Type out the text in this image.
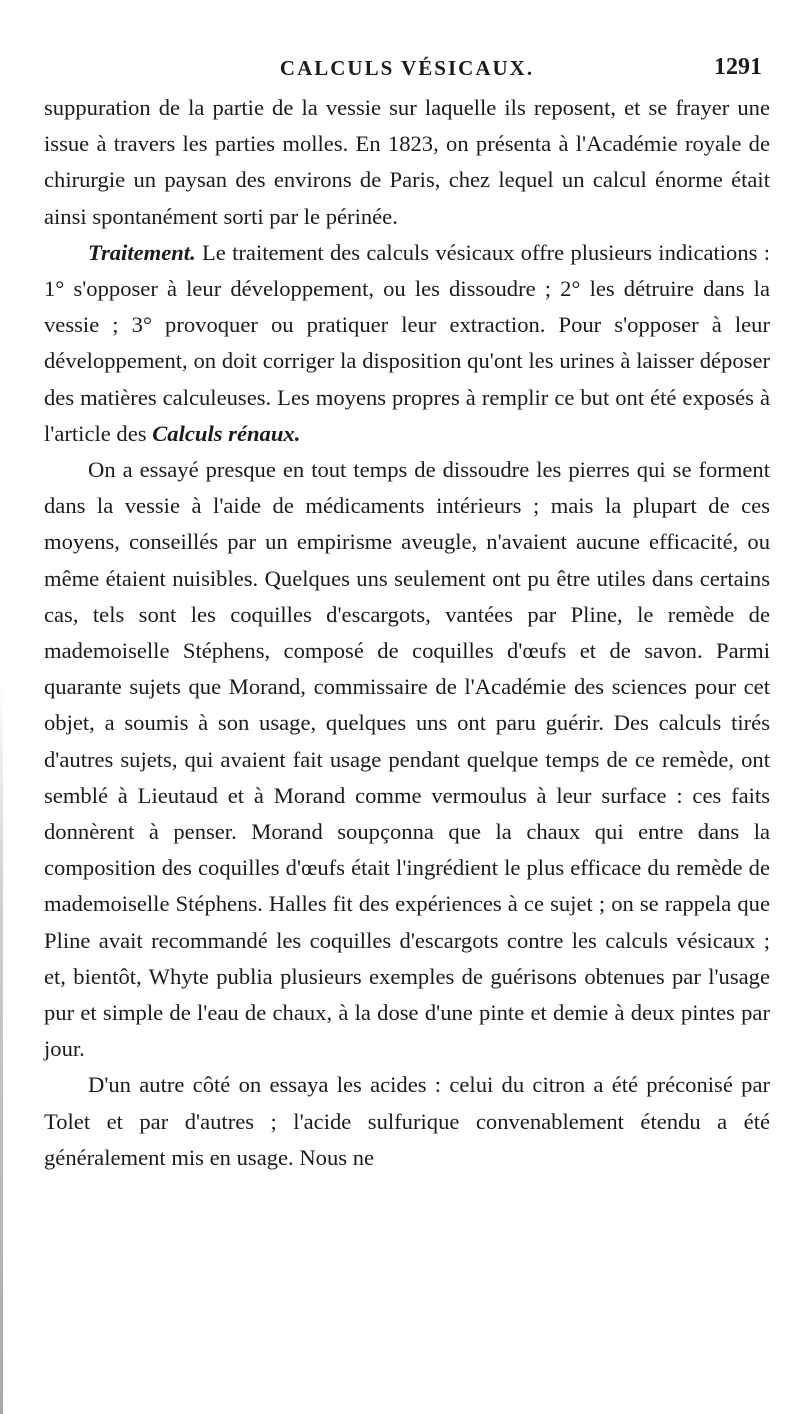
CALCULS VÉSICAUX.	1291

suppuration de la partie de la vessie sur laquelle ils reposent, et se frayer une issue à travers les parties molles. En 1823, on présenta à l'Académie royale de chirurgie un paysan des environs de Paris, chez lequel un calcul énorme était ainsi spontanément sorti par le périnée.

Traitement. Le traitement des calculs vésicaux offre plusieurs indications : 1° s'opposer à leur développement, ou les dissoudre ; 2° les détruire dans la vessie ; 3° provoquer ou pratiquer leur extraction. Pour s'opposer à leur développement, on doit corriger la disposition qu'ont les urines à laisser déposer des matières calculeuses. Les moyens propres à remplir ce but ont été exposés à l'article des Calculs rénaux.

On a essayé presque en tout temps de dissoudre les pierres qui se forment dans la vessie à l'aide de médicaments intérieurs ; mais la plupart de ces moyens, conseillés par un empirisme aveugle, n'avaient aucune efficacité, ou même étaient nuisibles. Quelques uns seulement ont pu être utiles dans certains cas, tels sont les coquilles d'escargots, vantées par Pline, le remède de mademoiselle Stéphens, composé de coquilles d'œufs et de savon. Parmi quarante sujets que Morand, commissaire de l'Académie des sciences pour cet objet, a soumis à son usage, quelques uns ont paru guérir. Des calculs tirés d'autres sujets, qui avaient fait usage pendant quelque temps de ce remède, ont semblé à Lieutaud et à Morand comme vermoulus à leur surface : ces faits donnèrent à penser. Morand soupçonna que la chaux qui entre dans la composition des coquilles d'œufs était l'ingrédient le plus efficace du remède de mademoiselle Stéphens. Halles fit des expériences à ce sujet ; on se rappela que Pline avait recommandé les coquilles d'escargots contre les calculs vésicaux ; et, bientôt, Whyte publia plusieurs exemples de guérisons obtenues par l'usage pur et simple de l'eau de chaux, à la dose d'une pinte et demie à deux pintes par jour.

D'un autre côté on essaya les acides : celui du citron a été préconisé par Tolet et par d'autres ; l'acide sulfurique convenablement étendu a été généralement mis en usage. Nous ne
